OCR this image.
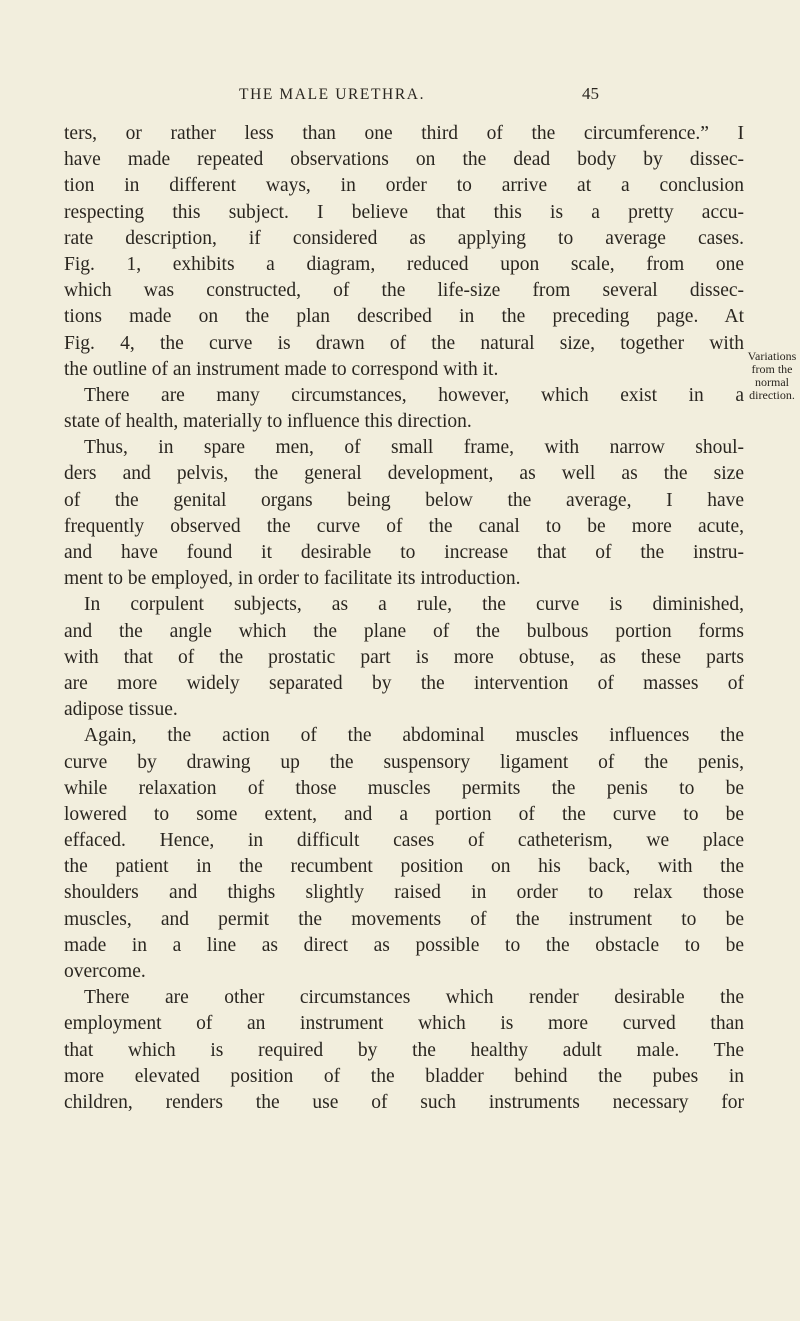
THE MALE URETHRA.	45
ters, or rather less than one third of the circumference.” I
have made repeated observations on the dead body by dissec-
tion in different ways, in order to arrive at a conclusion
respecting this subject. I believe that this is a pretty accu-
rate description, if considered as applying to average cases.
Fig. 1, exhibits a diagram, reduced upon scale, from one
which was constructed, of the life-size from several dissec-
tions made on the plan described in the preceding page. At
Fig. 4, the curve is drawn of the natural size, together with
the outline of an instrument made to correspond with it.
There are many circumstances, however, which exist in a
state of health, materially to influence this direction.
Thus, in spare men, of small frame, with narrow shoul-
ders and pelvis, the general development, as well as the size
of the genital organs being below the average, I have
frequently observed the curve of the canal to be more acute,
and have found it desirable to increase that of the instru-
ment to be employed, in order to facilitate its introduction.
In corpulent subjects, as a rule, the curve is diminished,
and the angle which the plane of the bulbous portion forms
with that of the prostatic part is more obtuse, as these parts
are more widely separated by the intervention of masses of
adipose tissue.
Again, the action of the abdominal muscles influences the
curve by drawing up the suspensory ligament of the penis,
while relaxation of those muscles permits the penis to be
lowered to some extent, and a portion of the curve to be
effaced. Hence, in difficult cases of catheterism, we place
the patient in the recumbent position on his back, with the
shoulders and thighs slightly raised in order to relax those
muscles, and permit the movements of the instrument to be
made in a line as direct as possible to the obstacle to be
overcome.
There are other circumstances which render desirable the
employment of an instrument which is more curved than
that which is required by the healthy adult male. The
more elevated position of the bladder behind the pubes in
children, renders the use of such instruments necessary for
Variations
from the
normal
direction.
